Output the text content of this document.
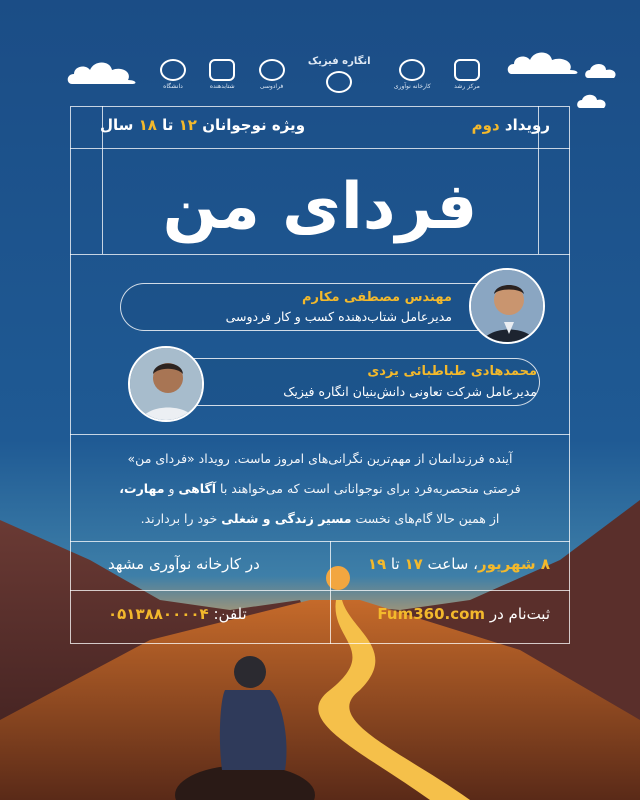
مرکز رشد
کارخانه نوآوری
انگاره فیزیک
فرادوسی
شتابدهنده
دانشگاه
رویداد دوم
ویژه نوجوانان ۱۲ تا ۱۸ سال
فردای من
مهندس مصطفی مکارم
مدیرعامل شتاب‌دهنده کسب و کار فردوسی
محمدهادی طباطبائی یزدی
مدیرعامل شرکت تعاونی دانش‌بنیان انگاره فیزیک
آینده فرزندانمان از مهم‌ترین نگرانی‌های امروز ماست. رویداد «فردای من»
فرصتی منحصربه‌فرد برای نوجوانانی است که می‌خواهند با آگاهی و مهارت،
از همین حالا گام‌های نخست مسیر زندگی و شغلی خود را بردارند.
۸ شهریور، ساعت ۱۷ تا ۱۹
در کارخانه نوآوری مشهد
ثبت‌نام در Fum360.com
تلفن: ۰۵۱۳۸۸۰۰۰۰۴
